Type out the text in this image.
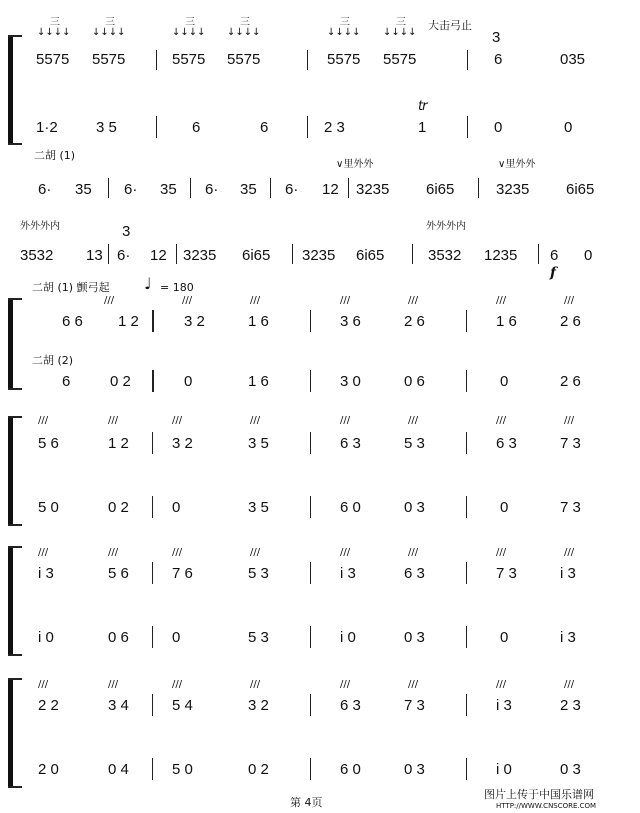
↓↓↓↓ ↓↓↓↓	↓↓↓↓ ↓↓↓↓	↓↓↓↓ ↓↓↓↓
三	三	三	三	三	三 大击弓止
3
5575 5575	5575 5575	5575 5575	6	035
1·2	3 5	6	6	2 3
tr
1	0	0
二胡 (1)
∨里外外	∨里外外
6· 35 6· 35 6· 35 6· 12 3235 6i65	3235 6i65
外外外内	外外外内
3
3532 13 6· 12 3235 6i65 3235 6i65	3532 1235 6 0
f
二胡 (1) 颤弓起 ♩ = 180
二胡 (2)
///	///	///	///	///	///	///
6 6 1 2	3 2	1 6	3 6	2 6	1 6	2 6
6	0 2	0	1 6	3 0	0 6	0	2 6
///	///	///	///	///	///	///	///
5 6	1 2	3 2	3 5	6 3	5 3	6 3	7 3
5 0	0 2	0	3 5	6 0	0 3	0	7 3
///	///	///	///	///	///	///	///
i 3	5 6	7 6	5 3	i 3	6 3	7 3	i 3
i 0	0 6	0	5 3	i 0	0 3	0	i 3
///	///	///	///	///	///	///	///
2 2	3 4	5 4	3 2	6 3	7 3	i 3	2 3
2 0	0 4	5 0	0 2	6 0	0 3	i 0	0 3
第 4页
图片上传于中国乐谱网
HTTP://WWW.CNSCORE.COM
